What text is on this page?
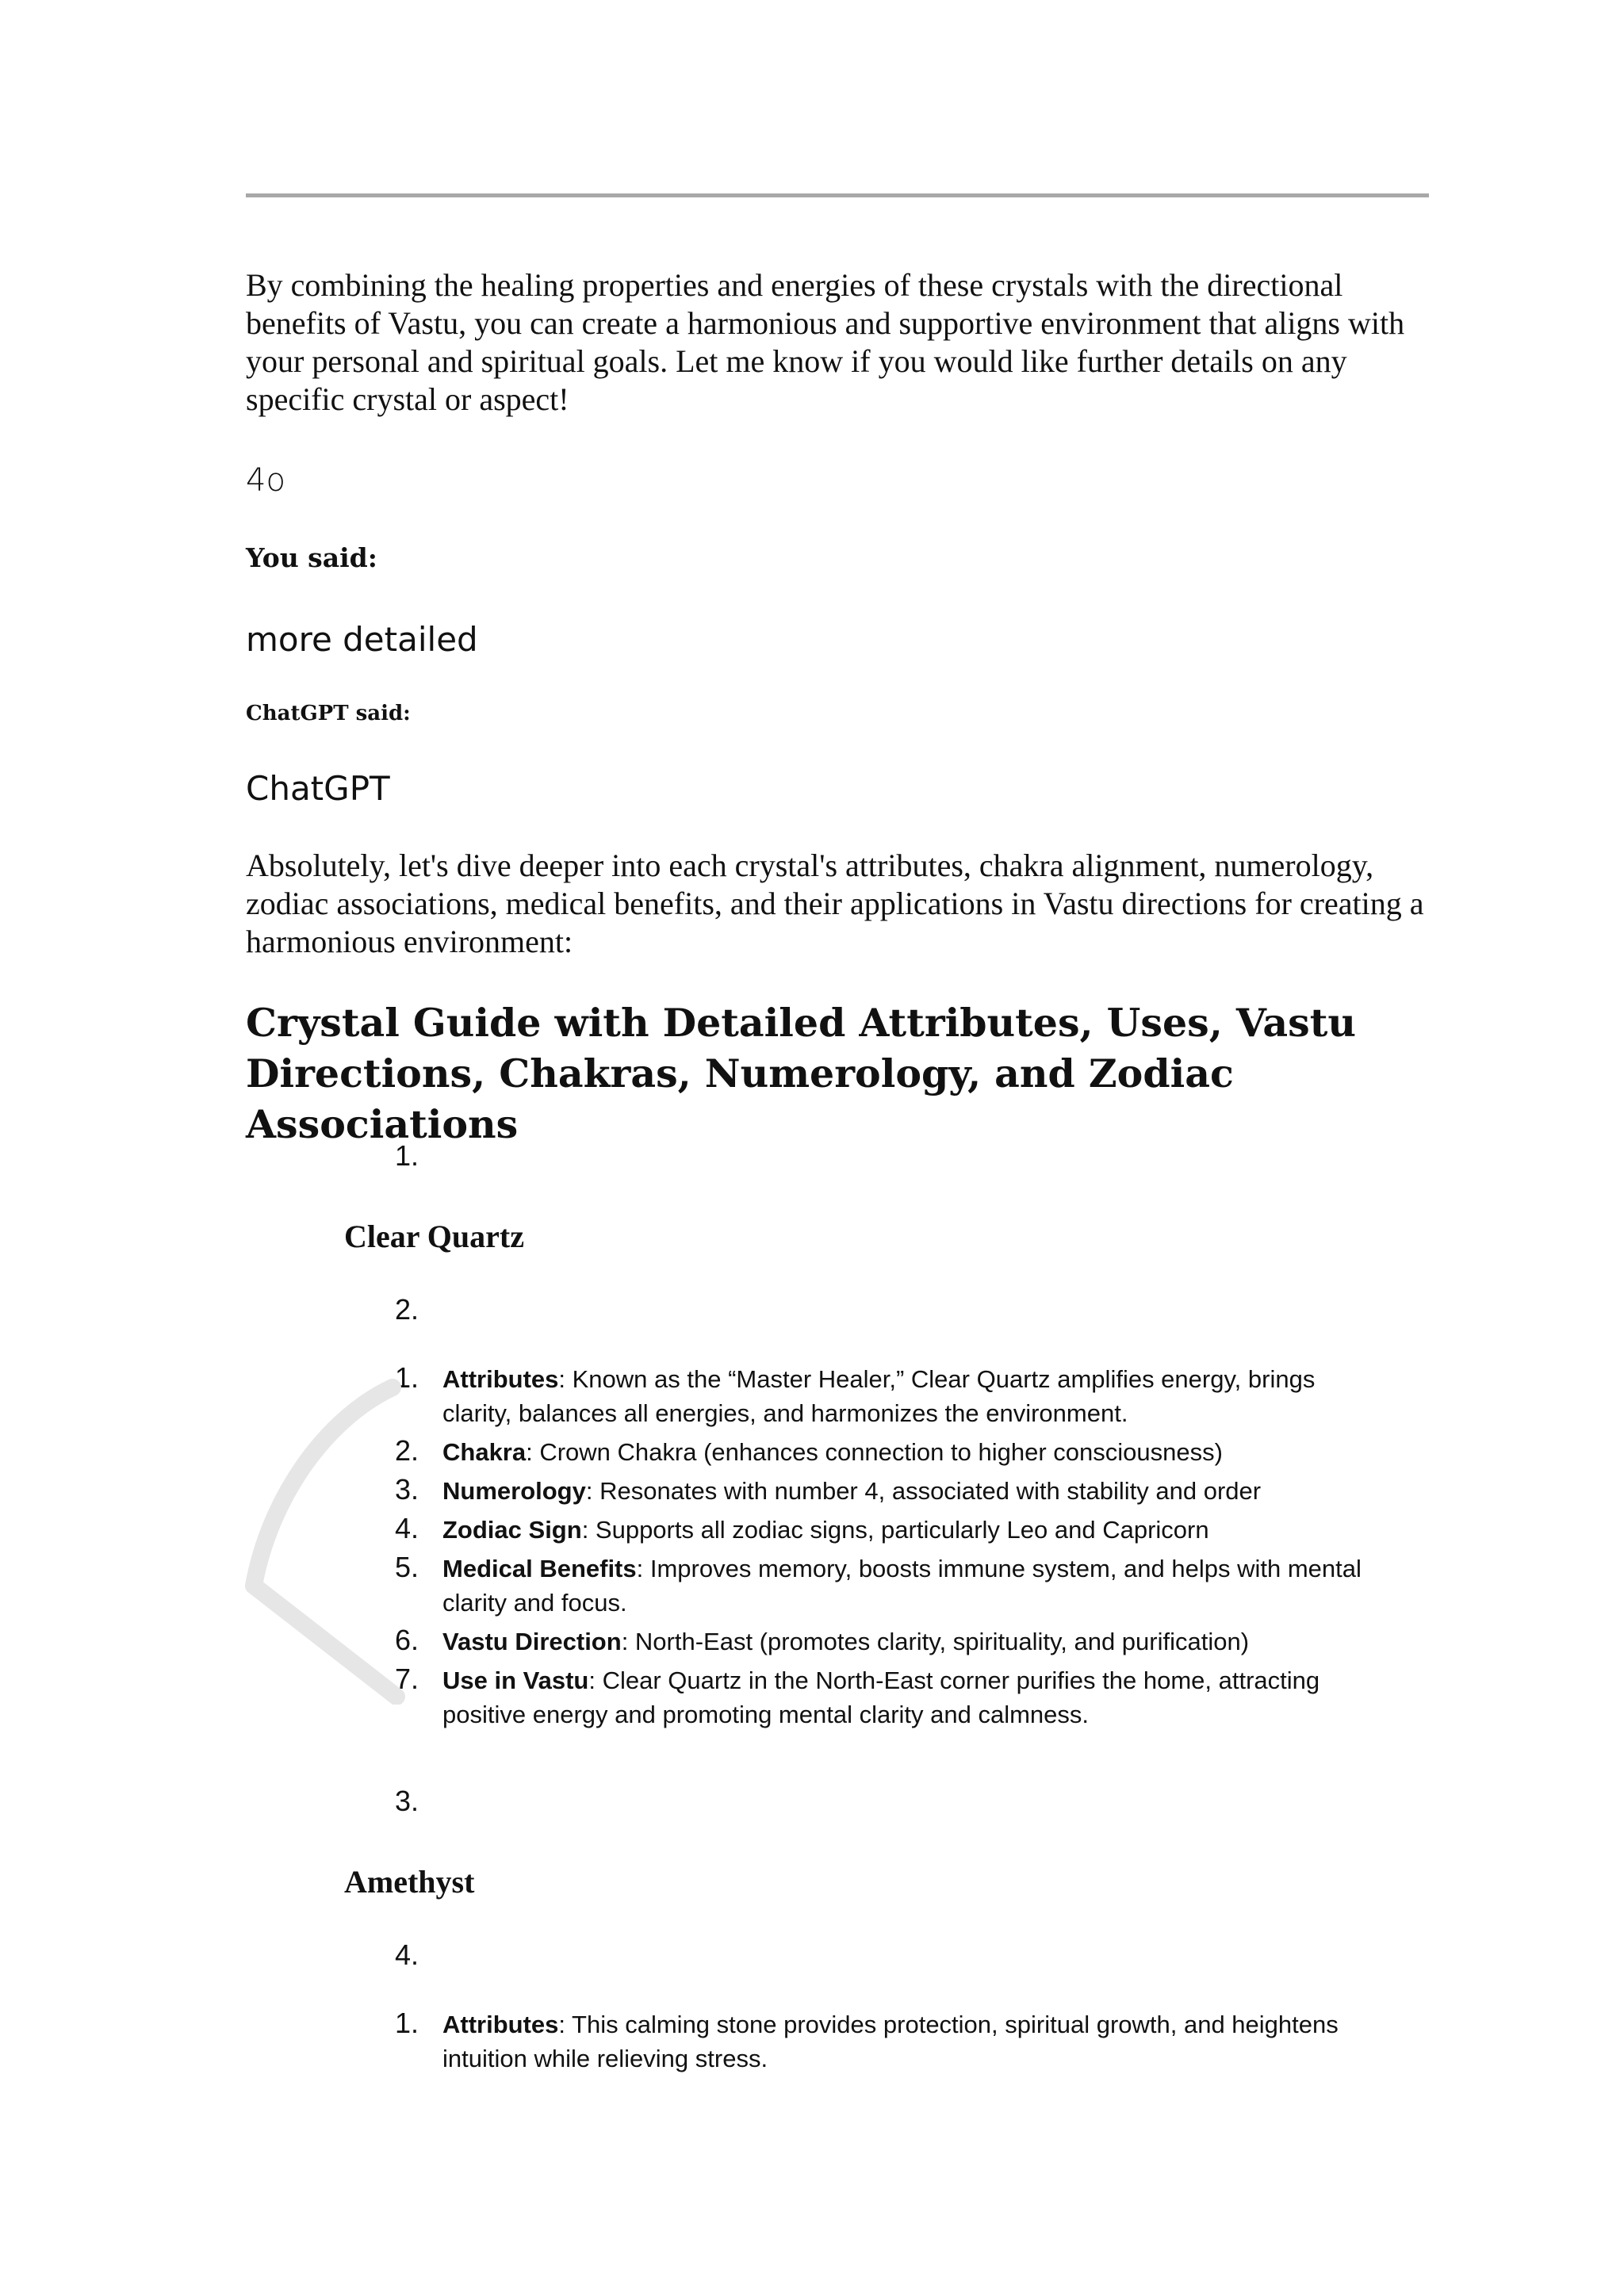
By combining the healing properties and energies of these crystals with the directional benefits of Vastu, you can create a harmonious and supportive environment that aligns with your personal and spiritual goals. Let me know if you would like further details on any specific crystal or aspect!

4o

You said:

more detailed

ChatGPT said:

ChatGPT

Absolutely, let's dive deeper into each crystal's attributes, chakra alignment, numerology, zodiac associations, medical benefits, and their applications in Vastu directions for creating a harmonious environment:

Crystal Guide with Detailed Attributes, Uses, Vastu Directions, Chakras, Numerology, and Zodiac Associations

1.

Clear Quartz

2.

1. Attributes: Known as the “Master Healer,” Clear Quartz amplifies energy, brings clarity, balances all energies, and harmonizes the environment.
2. Chakra: Crown Chakra (enhances connection to higher consciousness)
3. Numerology: Resonates with number 4, associated with stability and order
4. Zodiac Sign: Supports all zodiac signs, particularly Leo and Capricorn
5. Medical Benefits: Improves memory, boosts immune system, and helps with mental clarity and focus.
6. Vastu Direction: North-East (promotes clarity, spirituality, and purification)
7. Use in Vastu: Clear Quartz in the North-East corner purifies the home, attracting positive energy and promoting mental clarity and calmness.

3.

Amethyst

4.

1. Attributes: This calming stone provides protection, spiritual growth, and heightens intuition while relieving stress.
